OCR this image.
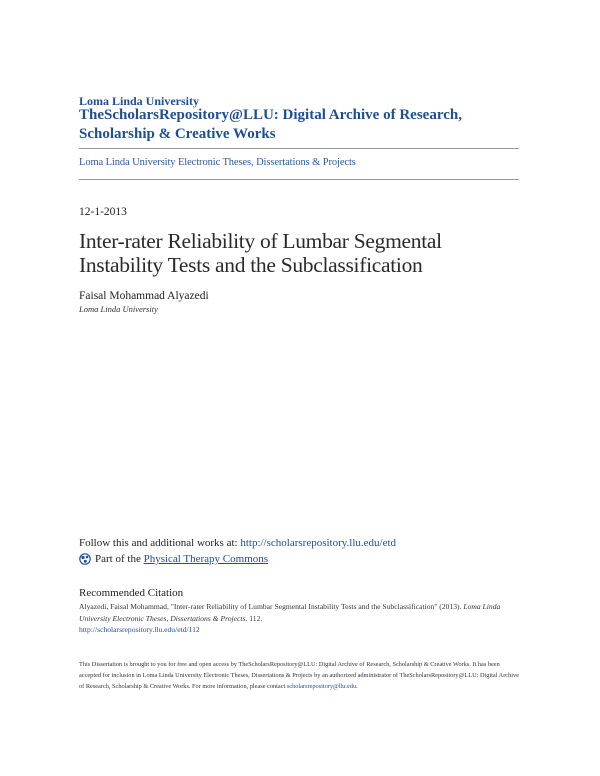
Loma Linda University
TheScholarsRepository@LLU: Digital Archive of Research, Scholarship & Creative Works
Loma Linda University Electronic Theses, Dissertations & Projects
12-1-2013
Inter-rater Reliability of Lumbar Segmental Instability Tests and the Subclassification
Faisal Mohammad Alyazedi
Loma Linda University
Follow this and additional works at: http://scholarsrepository.llu.edu/etd
Part of the
Physical Therapy Commons
Recommended Citation
Alyazedi, Faisal Mohammad, "Inter-rater Reliability of Lumbar Segmental Instability Tests and the Subclassification" (2013). Loma Linda University Electronic Theses, Dissertations & Projects. 112.
http://scholarsrepository.llu.edu/etd/112
This Dissertation is brought to you for free and open access by TheScholarsRepository@LLU: Digital Archive of Research, Scholarship & Creative Works. It has been accepted for inclusion in Loma Linda University Electronic Theses, Dissertations & Projects by an authorized administrator of TheScholarsRepository@LLU: Digital Archive of Research, Scholarship & Creative Works. For more information, please contact scholarsrepository@llu.edu.
